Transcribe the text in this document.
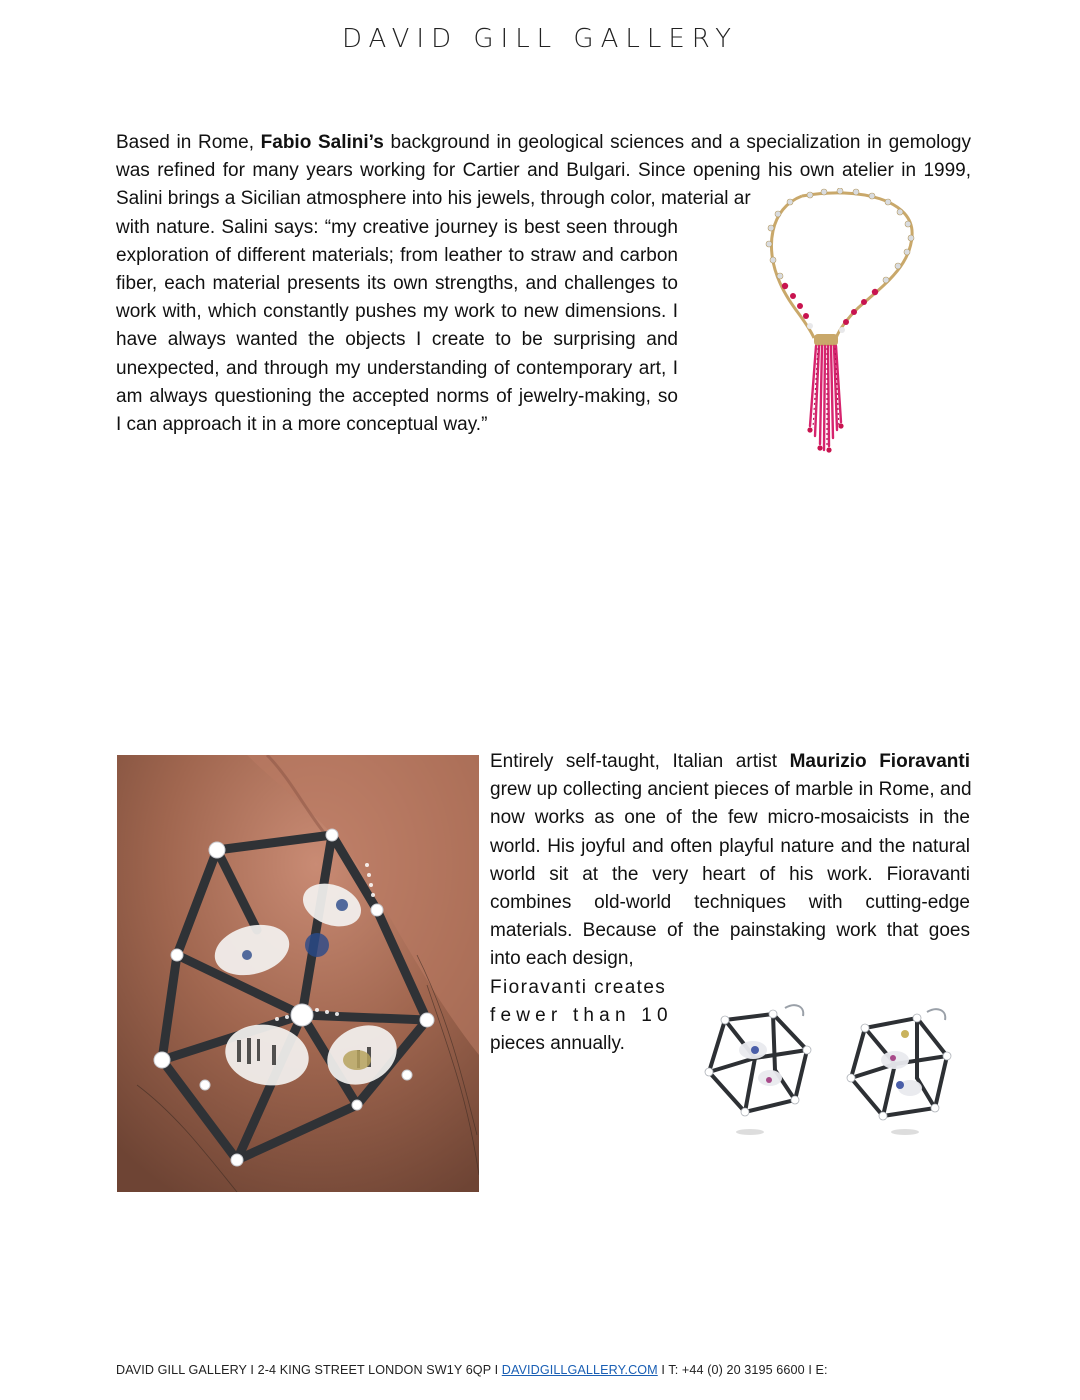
DAVID GILL GALLERY
Based in Rome, Fabio Salini’s background in geological sciences and a specialization in gemology
was refined for many years working for Cartier and Bulgari. Since opening his own atelier in 1999,
Salini brings a Sicilian atmosphere into his jewels, through color, material ar
with nature. Salini says: “my creative journey is best seen through
exploration of different materials; from leather to straw and carbon
fiber, each material presents its own strengths, and challenges to
work with, which constantly pushes my work to new dimensions. I
have always wanted the objects I create to be surprising and
unexpected, and through my understanding of contemporary art, I
am always questioning the accepted norms of jewelry-making, so
I can approach it in a more conceptual way.”
Entirely self-taught, Italian artist Maurizio Fioravanti
grew up collecting ancient pieces of marble in Rome, and
now works as one of the few micro-mosaicists in the
world. His joyful and often playful nature and the natural
world sit at the very heart of his work. Fioravanti
combines old-world techniques with cutting-edge
materials. Because of the painstaking work that goes
into each design,
Fioravanti creates
fewer than 10
pieces annually.
DAVID GILL GALLERY I 2-4 KING STREET LONDON SW1Y 6QP I DAVIDGILLGALLERY.COM I T: +44 (0) 20 3195 6600 I E:
